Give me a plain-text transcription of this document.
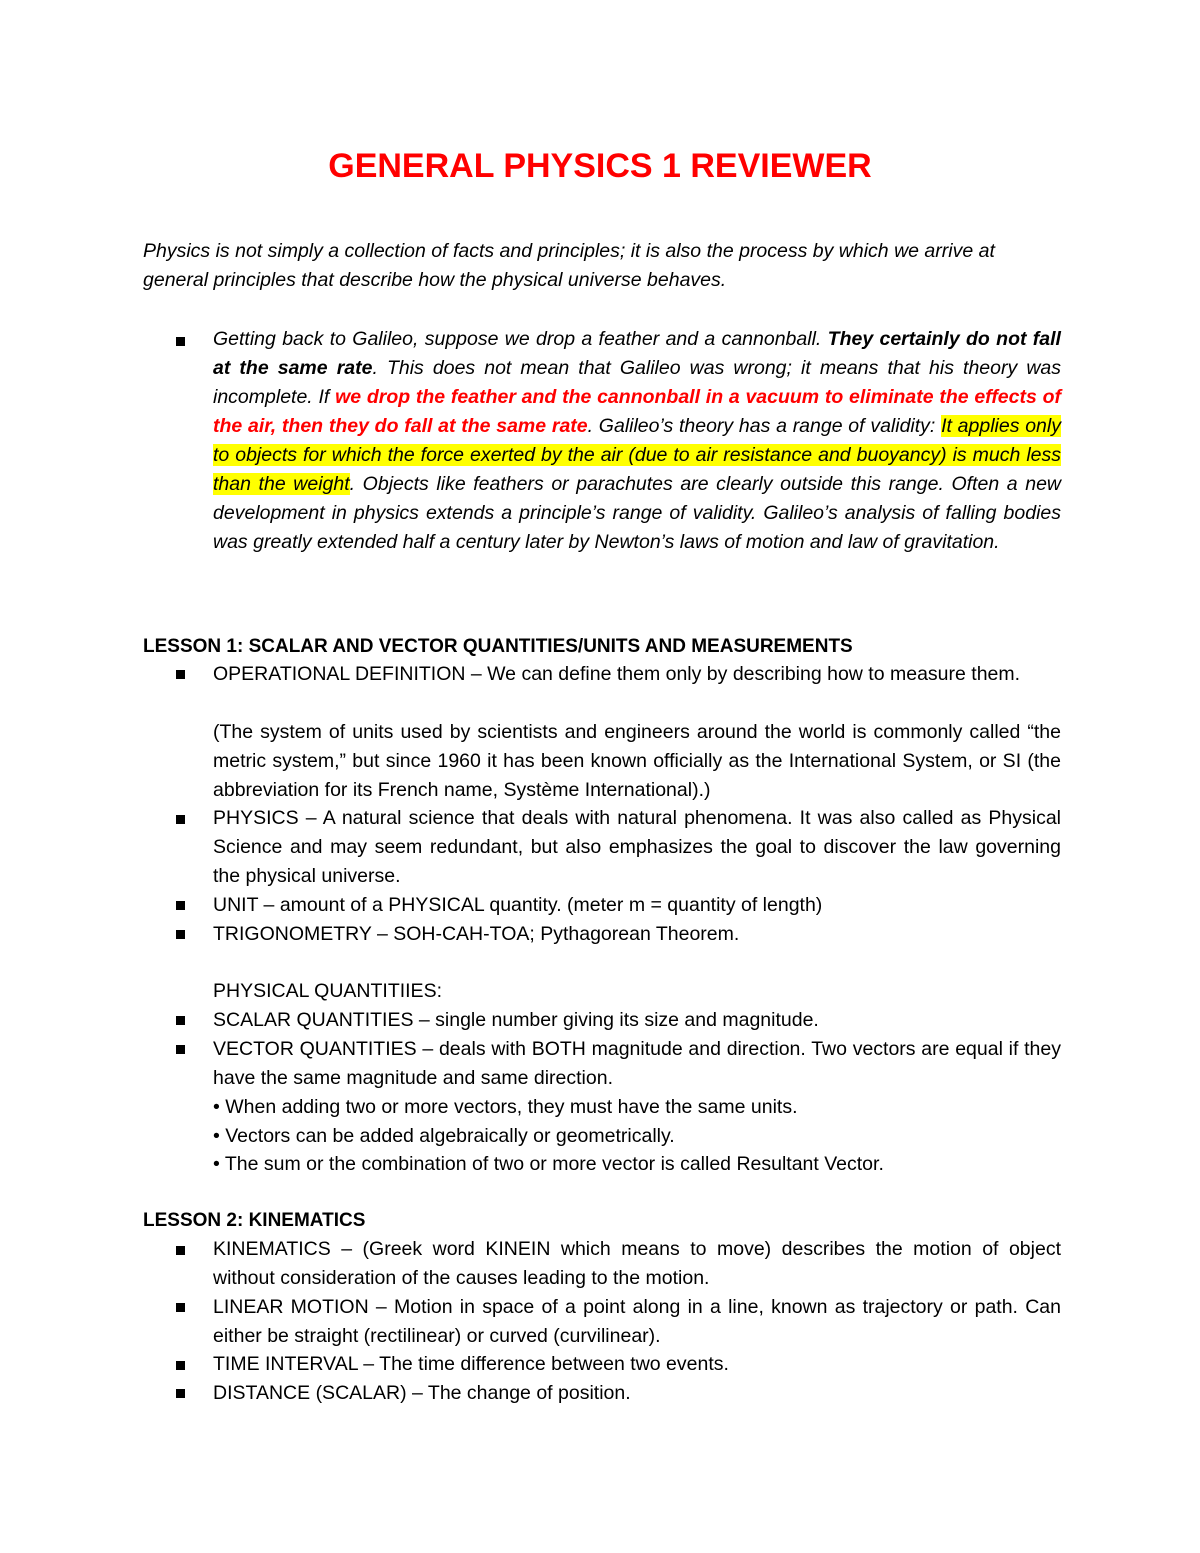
GENERAL PHYSICS 1 REVIEWER

Physics is not simply a collection of facts and principles; it is also the process by which we arrive at general principles that describe how the physical universe behaves.

Getting back to Galileo, suppose we drop a feather and a cannonball. They certainly do not fall at the same rate. This does not mean that Galileo was wrong; it means that his theory was incomplete. If we drop the feather and the cannonball in a vacuum to eliminate the effects of the air, then they do fall at the same rate. Galileo’s theory has a range of validity: It applies only to objects for which the force exerted by the air (due to air resistance and buoyancy) is much less than the weight. Objects like feathers or parachutes are clearly outside this range. Often a new development in physics extends a principle’s range of validity. Galileo’s analysis of falling bodies was greatly extended half a century later by Newton’s laws of motion and law of gravitation.

LESSON 1: SCALAR AND VECTOR QUANTITIES/UNITS AND MEASUREMENTS

OPERATIONAL DEFINITION – We can define them only by describing how to measure them.
(The system of units used by scientists and engineers around the world is commonly called “the metric system,” but since 1960 it has been known officially as the International System, or SI (the abbreviation for its French name, Système International).)
PHYSICS – A natural science that deals with natural phenomena. It was also called as Physical Science and may seem redundant, but also emphasizes the goal to discover the law governing the physical universe.
UNIT – amount of a PHYSICAL quantity. (meter m = quantity of length)
TRIGONOMETRY – SOH-CAH-TOA; Pythagorean Theorem.
PHYSICAL QUANTITIIES:
SCALAR QUANTITIES – single number giving its size and magnitude.
VECTOR QUANTITIES – deals with BOTH magnitude and direction. Two vectors are equal if they have the same magnitude and same direction.
• When adding two or more vectors, they must have the same units.
• Vectors can be added algebraically or geometrically.
• The sum or the combination of two or more vector is called Resultant Vector.

LESSON 2: KINEMATICS

KINEMATICS – (Greek word KINEIN which means to move) describes the motion of object without consideration of the causes leading to the motion.
LINEAR MOTION – Motion in space of a point along in a line, known as trajectory or path. Can either be straight (rectilinear) or curved (curvilinear).
TIME INTERVAL – The time difference between two events.
DISTANCE (SCALAR) – The change of position.
